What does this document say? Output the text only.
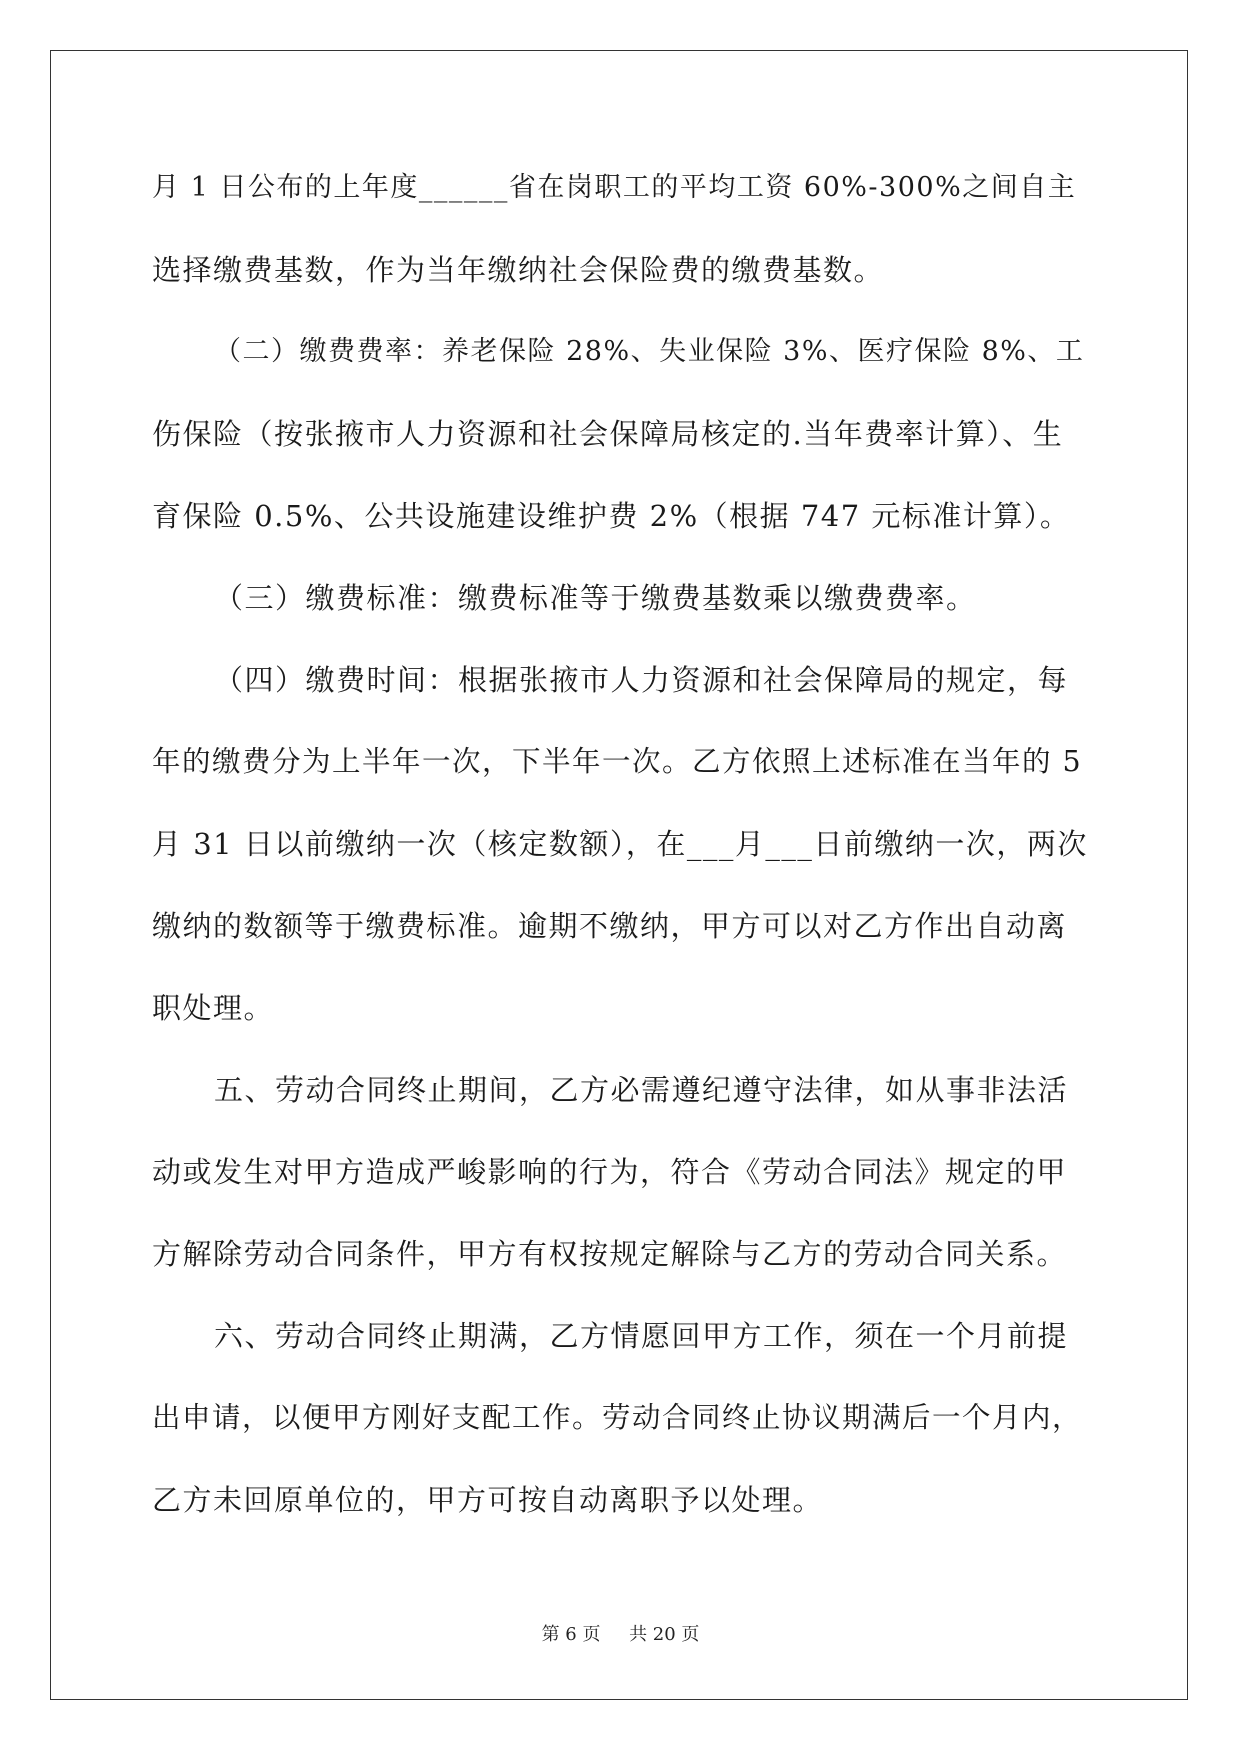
月 1 日公布的上年度______省在岗职工的平均工资 60%-300%之间自主
选择缴费基数，作为当年缴纳社会保险费的缴费基数。
（二）缴费费率：养老保险 28%、失业保险 3%、医疗保险 8%、工
伤保险（按张掖市人力资源和社会保障局核定的.当年费率计算）、生
育保险 0.5%、公共设施建设维护费 2%（根据 747 元标准计算）。
（三）缴费标准：缴费标准等于缴费基数乘以缴费费率。
（四）缴费时间：根据张掖市人力资源和社会保障局的规定，每
年的缴费分为上半年一次，下半年一次。乙方依照上述标准在当年的 5
月 31 日以前缴纳一次（核定数额），在___月___日前缴纳一次，两次
缴纳的数额等于缴费标准。逾期不缴纳，甲方可以对乙方作出自动离
职处理。
五、劳动合同终止期间，乙方必需遵纪遵守法律，如从事非法活
动或发生对甲方造成严峻影响的行为，符合《劳动合同法》规定的甲
方解除劳动合同条件，甲方有权按规定解除与乙方的劳动合同关系。
六、劳动合同终止期满，乙方情愿回甲方工作，须在一个月前提
出申请，以便甲方刚好支配工作。劳动合同终止协议期满后一个月内，
乙方未回原单位的，甲方可按自动离职予以处理。
第 6 页 共 20 页
